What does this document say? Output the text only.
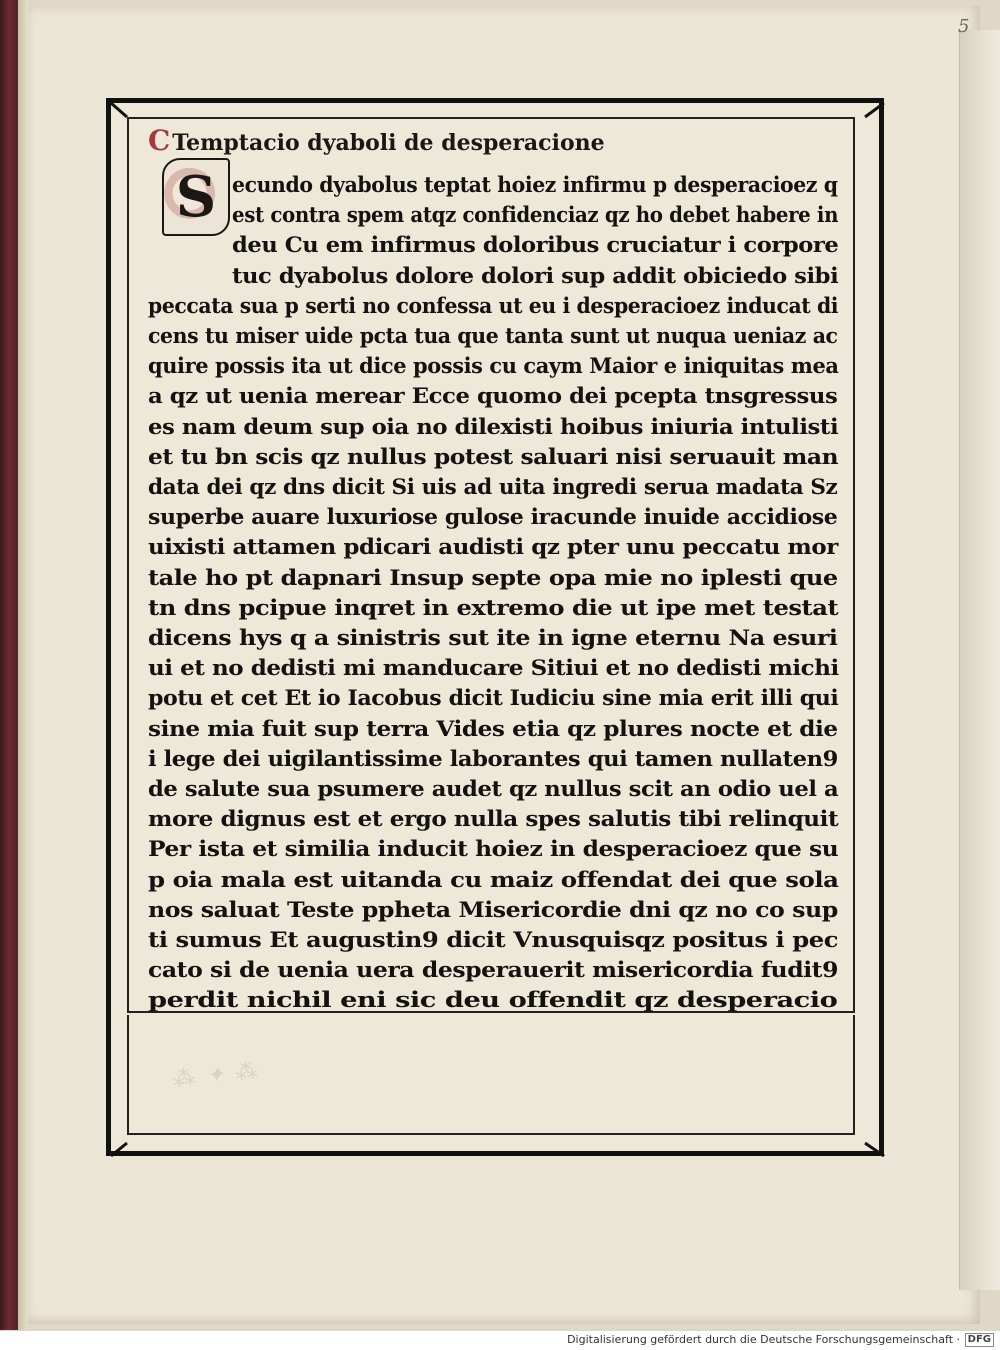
5
⁂ ✦ ⁂
CTemptacio dyaboli de desperacione
S ecundo dyabolus teptat hoiez infirmu p desperacioez q
est contra spem atqz confidenciaz qz ho debet habere in
deu Cu em infirmus doloribus cruciatur i corpore
tuc dyabolus dolore dolori sup addit obiciedo sibi
peccata sua p serti no confessa ut eu i desperacioez inducat di
cens tu miser uide pcta tua que tanta sunt ut nuqua ueniaz ac
quire possis ita ut dice possis cu caym Maior e iniquitas mea
a qz ut uenia merear Ecce quomo dei pcepta tnsgressus
es nam deum sup oia no dilexisti hoibus iniuria intulisti
et tu bn scis qz nullus potest saluari nisi seruauit man
data dei qz dns dicit Si uis ad uita ingredi serua madata Sz
superbe auare luxuriose gulose iracunde inuide accidiose
uixisti attamen pdicari audisti qz pter unu peccatu mor
tale ho pt dapnari Insup septe opa mie no iplesti que
tn dns pcipue inqret in extremo die ut ipe met testat
dicens hys q a sinistris sut ite in igne eternu Na esuri
ui et no dedisti mi manducare Sitiui et no dedisti michi
potu et cet Et io Iacobus dicit Iudiciu sine mia erit illi qui
sine mia fuit sup terra Vides etia qz plures nocte et die
i lege dei uigilantissime laborantes qui tamen nullaten9
de salute sua psumere audet qz nullus scit an odio uel a
more dignus est et ergo nulla spes salutis tibi relinquit
Per ista et similia inducit hoiez in desperacioez que su
p oia mala est uitanda cu maiz offendat dei que sola
nos saluat Teste ppheta Misericordie dni qz no co sup
ti sumus Et augustin9 dicit Vnusquisqz positus i pec
cato si de uenia uera desperauerit misericordia fudit9
perdit nichil eni sic deu offendit qz desperacio
Digitalisierung gefördert durch die Deutsche Forschungsgemeinschaft · DFG
